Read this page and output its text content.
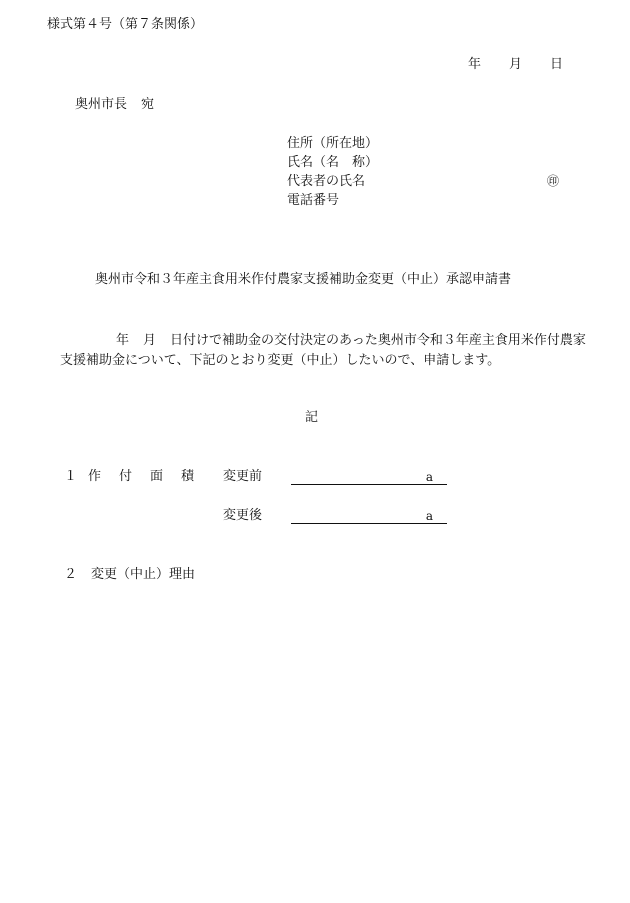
様式第４号（第７条関係）
年 月 日
奥州市長 宛
住所（所在地）
氏名（名　称）
代表者の氏名	㊞
電話番号
奥州市令和３年産主食用米作付農家支援補助金変更（中止）承認申請書
年 月 日付けで補助金の交付決定のあった奥州市令和３年産主食用米作付農家支援補助金について、下記のとおり変更（中止）したいので、申請します。
記
１ 作 付 面 積	変更前	a
変更後	a
２ 変更（中止）理由
